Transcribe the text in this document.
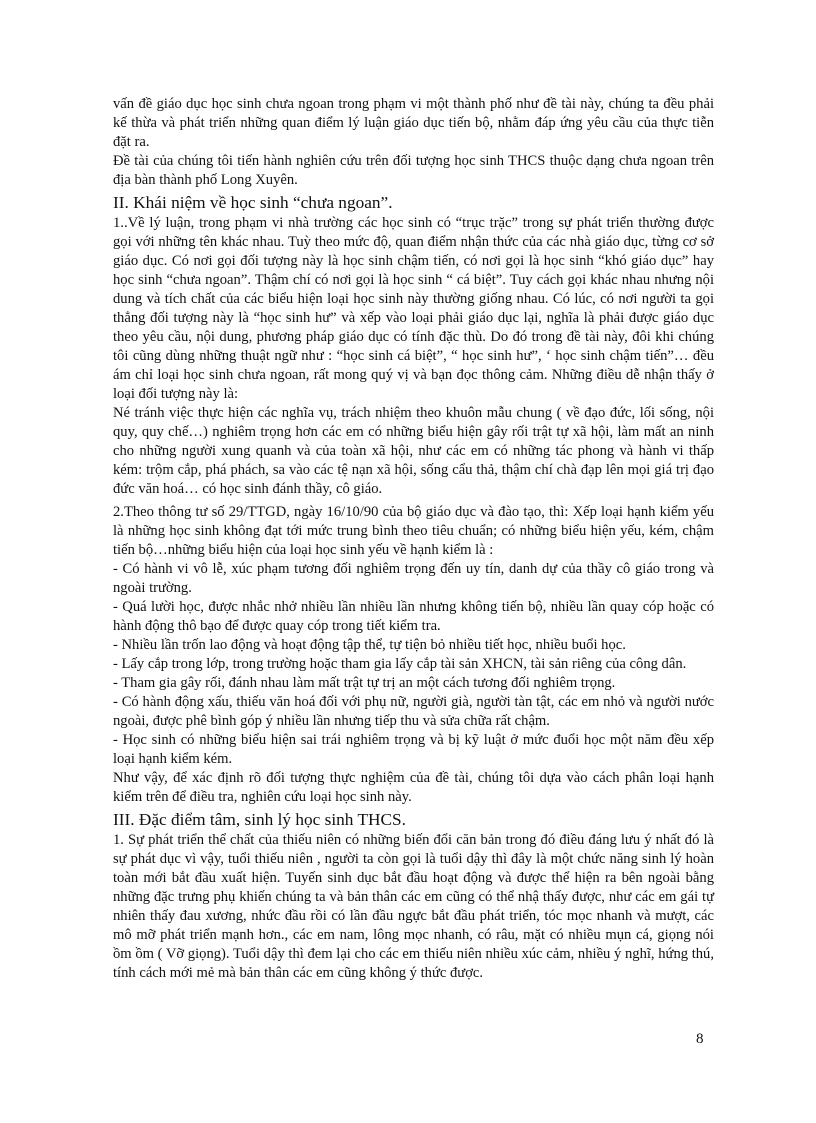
vấn đề giáo dục học sinh chưa ngoan trong phạm vi một thành phố như đề tài này, chúng ta đều phải kế thừa và phát triển những quan điểm lý luận giáo dục tiến bộ, nhằm đáp ứng yêu cầu của thực tiễn đặt ra.

Đề tài của chúng tôi tiến hành nghiên cứu trên đối tượng học sinh THCS thuộc dạng chưa ngoan trên địa bàn thành phố Long Xuyên.

II. Khái niệm về học sinh “chưa ngoan”.

1..Về lý luận, trong phạm vi nhà trường các học sinh có “trục trặc” trong sự phát triển thường được gọi với những tên khác nhau. Tuỳ theo mức độ, quan điểm nhận thức của các nhà giáo dục, từng cơ sở giáo dục. Có nơi gọi đối tượng này là học sinh chậm tiến, có nơi gọi là học sinh “khó giáo dục” hay học sinh “chưa ngoan”. Thậm chí có nơi gọi là học sinh “ cá biệt”. Tuy cách gọi khác nhau nhưng nội dung và tích chất của các biểu hiện loại học sinh này thường giống nhau. Có lúc, có nơi người ta gọi thẳng đối tượng này là “học sinh hư” và xếp vào loại phải giáo dục lại, nghĩa là phải được giáo dục theo yêu cầu, nội dung, phương pháp giáo dục có tính đặc thù. Do đó trong đề tài này, đôi khi chúng tôi cũng dùng những thuật ngữ như : “học sinh cá biệt”, “ học sinh hư”, ‘ học sinh chậm tiến”… đều ám chỉ loại học sinh chưa ngoan, rất mong quý vị và bạn đọc thông cảm. Những điều dễ nhận thấy ở loại đối tượng này là:

Né tránh việc thực hiện các nghĩa vụ, trách nhiệm theo khuôn mẫu chung ( về đạo đức, lối sống, nội quy, quy chế…) nghiêm trọng hơn các em có những biểu hiện gây rối trật tự xã hội, làm mất an ninh cho những người xung quanh và của toàn xã hội, như các em có những tác phong và hành vi thấp kém: trộm cắp, phá phách, sa vào các tệ nạn xã hội, sống cẩu thả, thậm chí chà đạp lên mọi giá trị đạo đức văn hoá… có học sinh đánh thầy, cô giáo.

2.Theo thông tư số 29/TTGD, ngày 16/10/90 của bộ giáo dục và đào tạo, thì: Xếp loại hạnh kiểm yếu là những học sinh không đạt tới mức trung bình theo tiêu chuẩn; có những biểu hiện yếu, kém, chậm tiến bộ…những biểu hiện của loại học sinh yếu về hạnh kiểm là :

- Có hành vi vô lễ, xúc phạm tương đối nghiêm trọng đến uy tín, danh dự của thầy cô giáo trong và ngoài trường.

- Quá lười học, được nhắc nhở nhiều lần nhiều lần nhưng không tiến bộ, nhiều lần quay cóp hoặc có hành động thô bạo để được quay cóp trong tiết kiểm tra.

- Nhiều lần trốn lao động và hoạt động tập thể, tự tiện bỏ nhiều tiết học, nhiều buổi học.

- Lấy cắp trong lớp, trong trường hoặc tham gia lấy cắp tài sản XHCN, tài sản riêng của công dân.

- Tham gia gây rối, đánh nhau làm mất trật tự trị an một cách tương đối nghiêm trọng.

- Có hành động xấu, thiếu văn hoá đối với phụ nữ, người già, người tàn tật, các em nhỏ và người nước ngoài, được phê bình góp ý nhiều lần nhưng tiếp thu và sửa chữa rất chậm.

- Học sinh có những biểu hiện sai trái nghiêm trọng và bị kỹ luật ở mức đuổi học một năm đều xếp loại hạnh kiểm kém.

Như vậy, để xác định rõ đối tượng thực nghiệm của đề tài, chúng tôi dựa vào cách phân loại hạnh kiểm trên để điều tra, nghiên cứu loại học sinh này.

III. Đặc điểm tâm, sinh lý học sinh THCS.

1. Sự phát triển thể chất của thiếu niên có những biến đổi căn bản trong đó điều đáng lưu ý nhất đó là sự phát dục vì vậy, tuổi thiếu niên , người ta còn gọi là tuổi dậy thì đây là một chức năng sinh lý hoàn toàn mới bắt đầu xuất hiện. Tuyến sinh dục bắt đầu hoạt động và được thể hiện ra bên ngoài bằng những đặc trưng phụ khiến chúng ta và bản thân các em cũng có thể nhậ thấy được, như các em gái tự nhiên thấy đau xương, nhức đầu rồi có lần đầu ngực bắt đầu phát triển, tóc mọc nhanh và mượt, các mô mỡ phát triển mạnh hơn., các em nam, lông mọc nhanh, có râu, mặt có nhiều mụn cá, giọng nói ồm ồm ( Vỡ giọng). Tuổi dậy thì đem lại cho các em thiếu niên nhiều xúc cảm, nhiều ý nghĩ, hứng thú, tính cách mới mẻ mà bản thân các em cũng không ý thức được.

8
